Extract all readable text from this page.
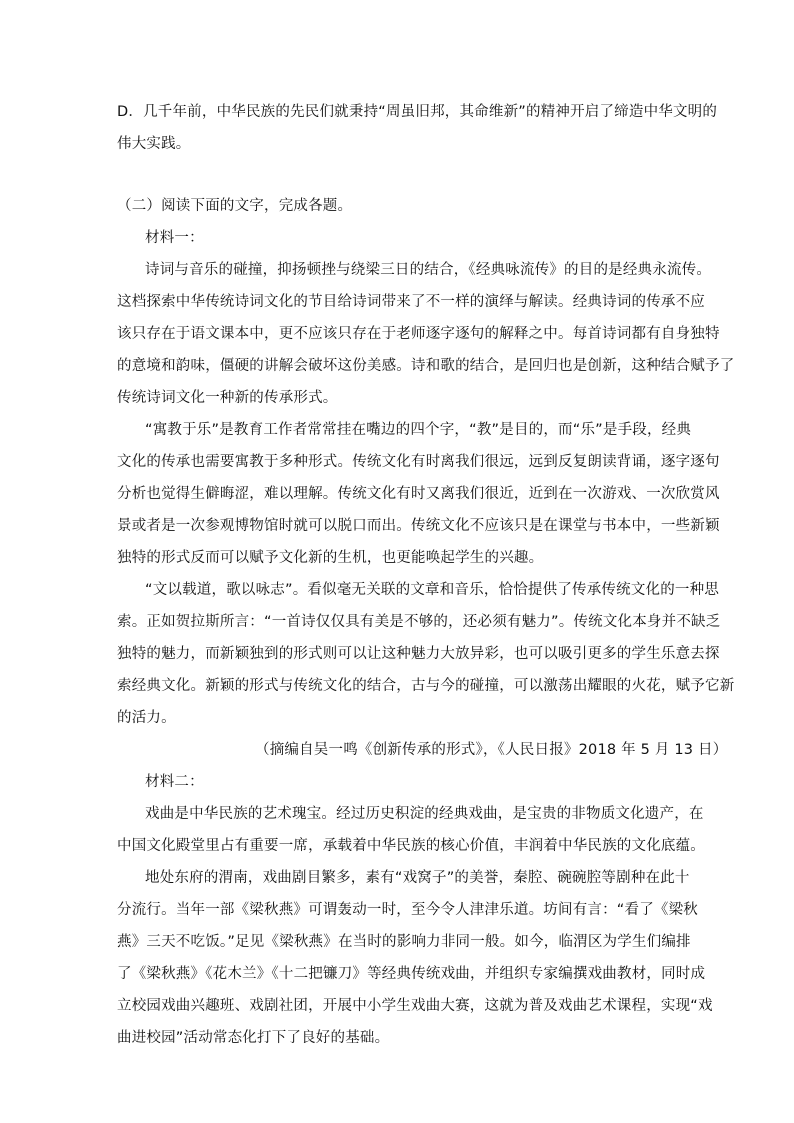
D．几千年前，中华民族的先民们就秉持“周虽旧邦，其命维新”的精神开启了缔造中华文明的
伟大实践。
（二）阅读下面的文字，完成各题。
材料一：
诗词与音乐的碰撞，抑扬顿挫与绕梁三日的结合，《经典咏流传》的目的是经典永流传。
这档探索中华传统诗词文化的节目给诗词带来了不一样的演绎与解读。经典诗词的传承不应
该只存在于语文课本中，更不应该只存在于老师逐字逐句的解释之中。每首诗词都有自身独特
的意境和韵味，僵硬的讲解会破坏这份美感。诗和歌的结合，是回归也是创新，这种结合赋予了
传统诗词文化一种新的传承形式。
“寓教于乐”是教育工作者常常挂在嘴边的四个字，“教”是目的，而“乐”是手段，经典
文化的传承也需要寓教于多种形式。传统文化有时离我们很远，远到反复朗读背诵，逐字逐句
分析也觉得生僻晦涩，难以理解。传统文化有时又离我们很近，近到在一次游戏、一次欣赏风
景或者是一次参观博物馆时就可以脱口而出。传统文化不应该只是在课堂与书本中，一些新颖
独特的形式反而可以赋予文化新的生机，也更能唤起学生的兴趣。
“文以载道，歌以咏志”。看似毫无关联的文章和音乐，恰恰提供了传承传统文化的一种思
索。正如贺拉斯所言：“一首诗仅仅具有美是不够的，还必须有魅力”。传统文化本身并不缺乏
独特的魅力，而新颖独到的形式则可以让这种魅力大放异彩，也可以吸引更多的学生乐意去探
索经典文化。新颖的形式与传统文化的结合，古与今的碰撞，可以激荡出耀眼的火花，赋予它新
的活力。
（摘编自吴一鸣《创新传承的形式》，《人民日报》2018 年 5 月 13 日）
材料二：
戏曲是中华民族的艺术瑰宝。经过历史积淀的经典戏曲，是宝贵的非物质文化遗产，在
中国文化殿堂里占有重要一席，承载着中华民族的核心价值，丰润着中华民族的文化底蕴。
地处东府的渭南，戏曲剧目繁多，素有“戏窝子”的美誉，秦腔、碗碗腔等剧种在此十
分流行。当年一部《梁秋燕》可谓轰动一时，至今令人津津乐道。坊间有言：“看了《梁秋
燕》三天不吃饭。”足见《梁秋燕》在当时的影响力非同一般。如今，临渭区为学生们编排
了《梁秋燕》《花木兰》《十二把镰刀》等经典传统戏曲，并组织专家编撰戏曲教材，同时成
立校园戏曲兴趣班、戏剧社团，开展中小学生戏曲大赛，这就为普及戏曲艺术课程，实现“戏
曲进校园”活动常态化打下了良好的基础。
